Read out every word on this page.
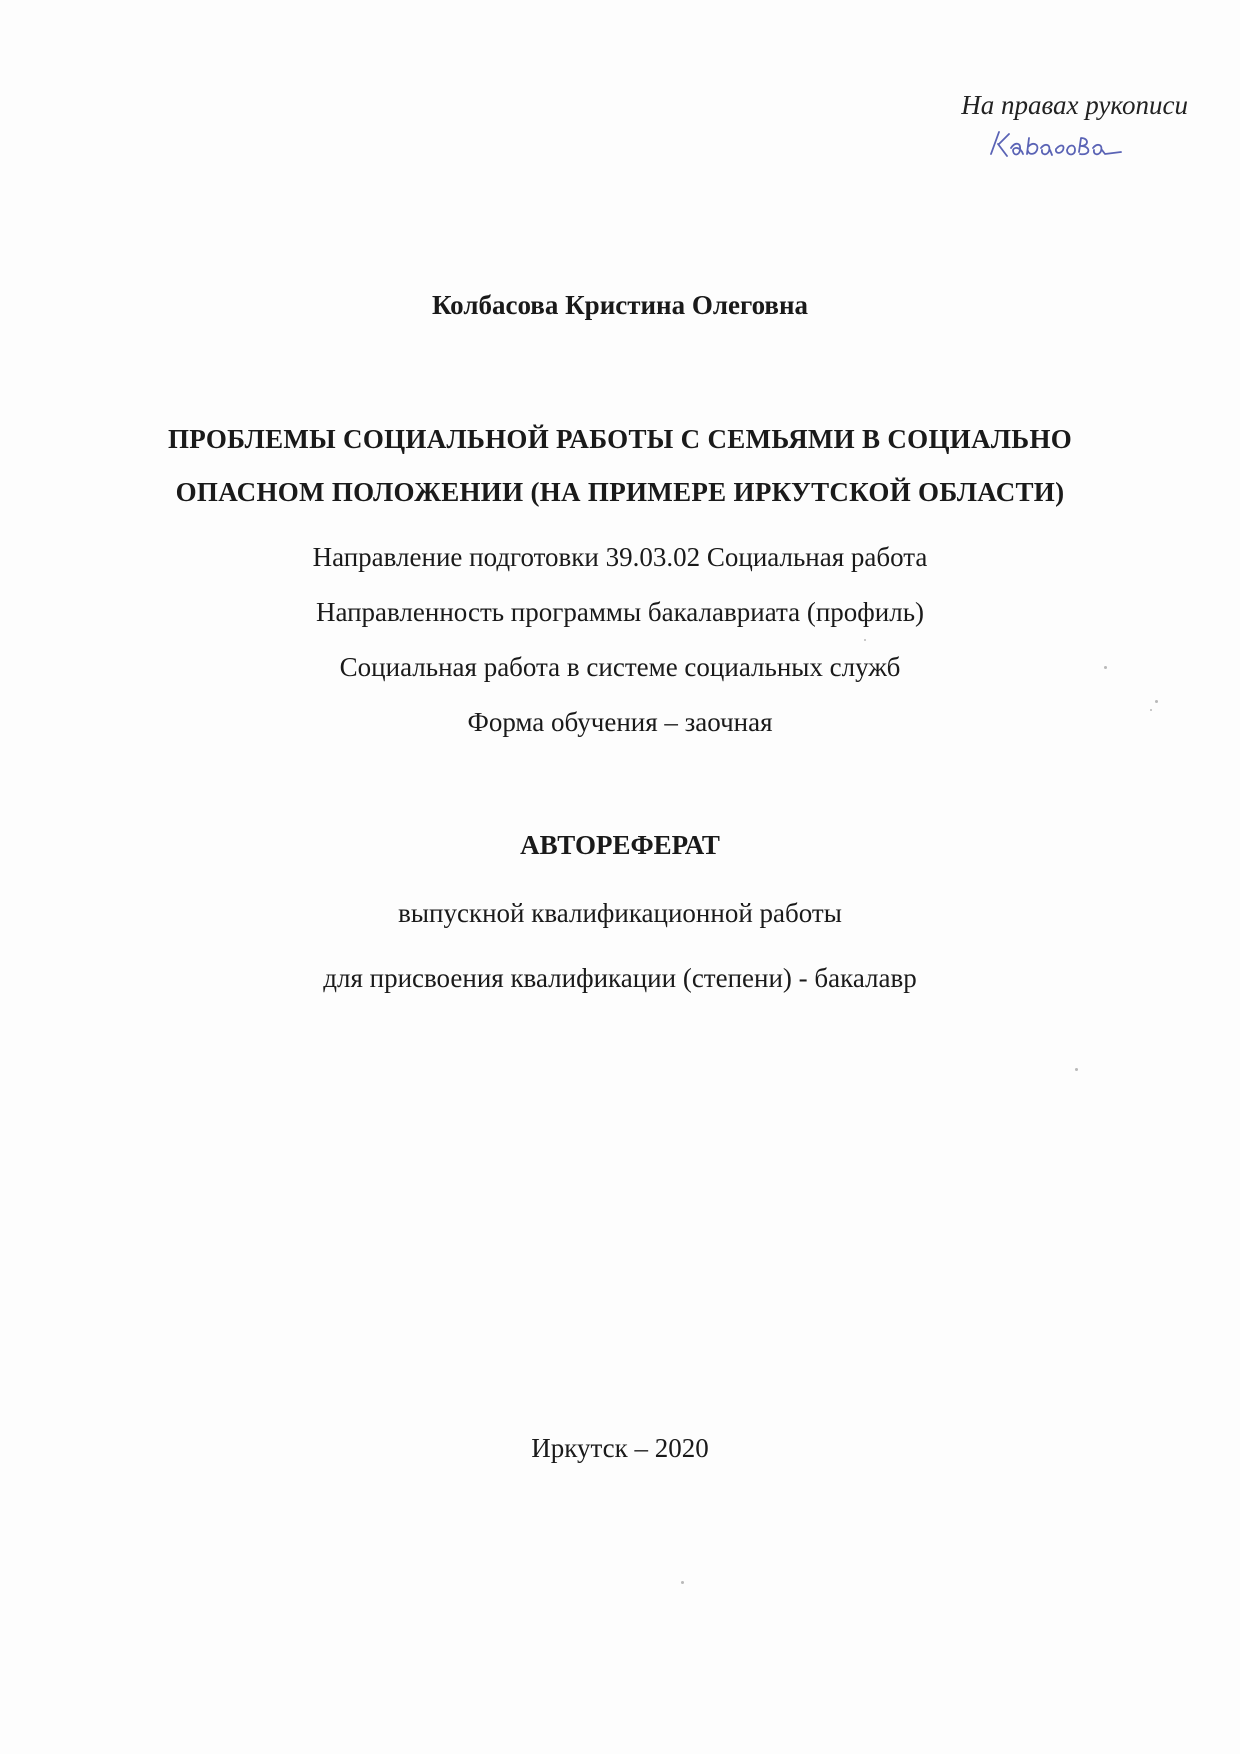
На правах рукописи
Колбасова Кристина Олеговна
ПРОБЛЕМЫ СОЦИАЛЬНОЙ РАБОТЫ С СЕМЬЯМИ В СОЦИАЛЬНО
ОПАСНОМ ПОЛОЖЕНИИ (НА ПРИМЕРЕ ИРКУТСКОЙ ОБЛАСТИ)
Направление подготовки 39.03.02 Социальная работа
Направленность программы бакалавриата (профиль)
Социальная работа в системе социальных служб
Форма обучения – заочная
АВТОРЕФЕРАТ
выпускной квалификационной работы
для присвоения квалификации (степени) - бакалавр
Иркутск – 2020
